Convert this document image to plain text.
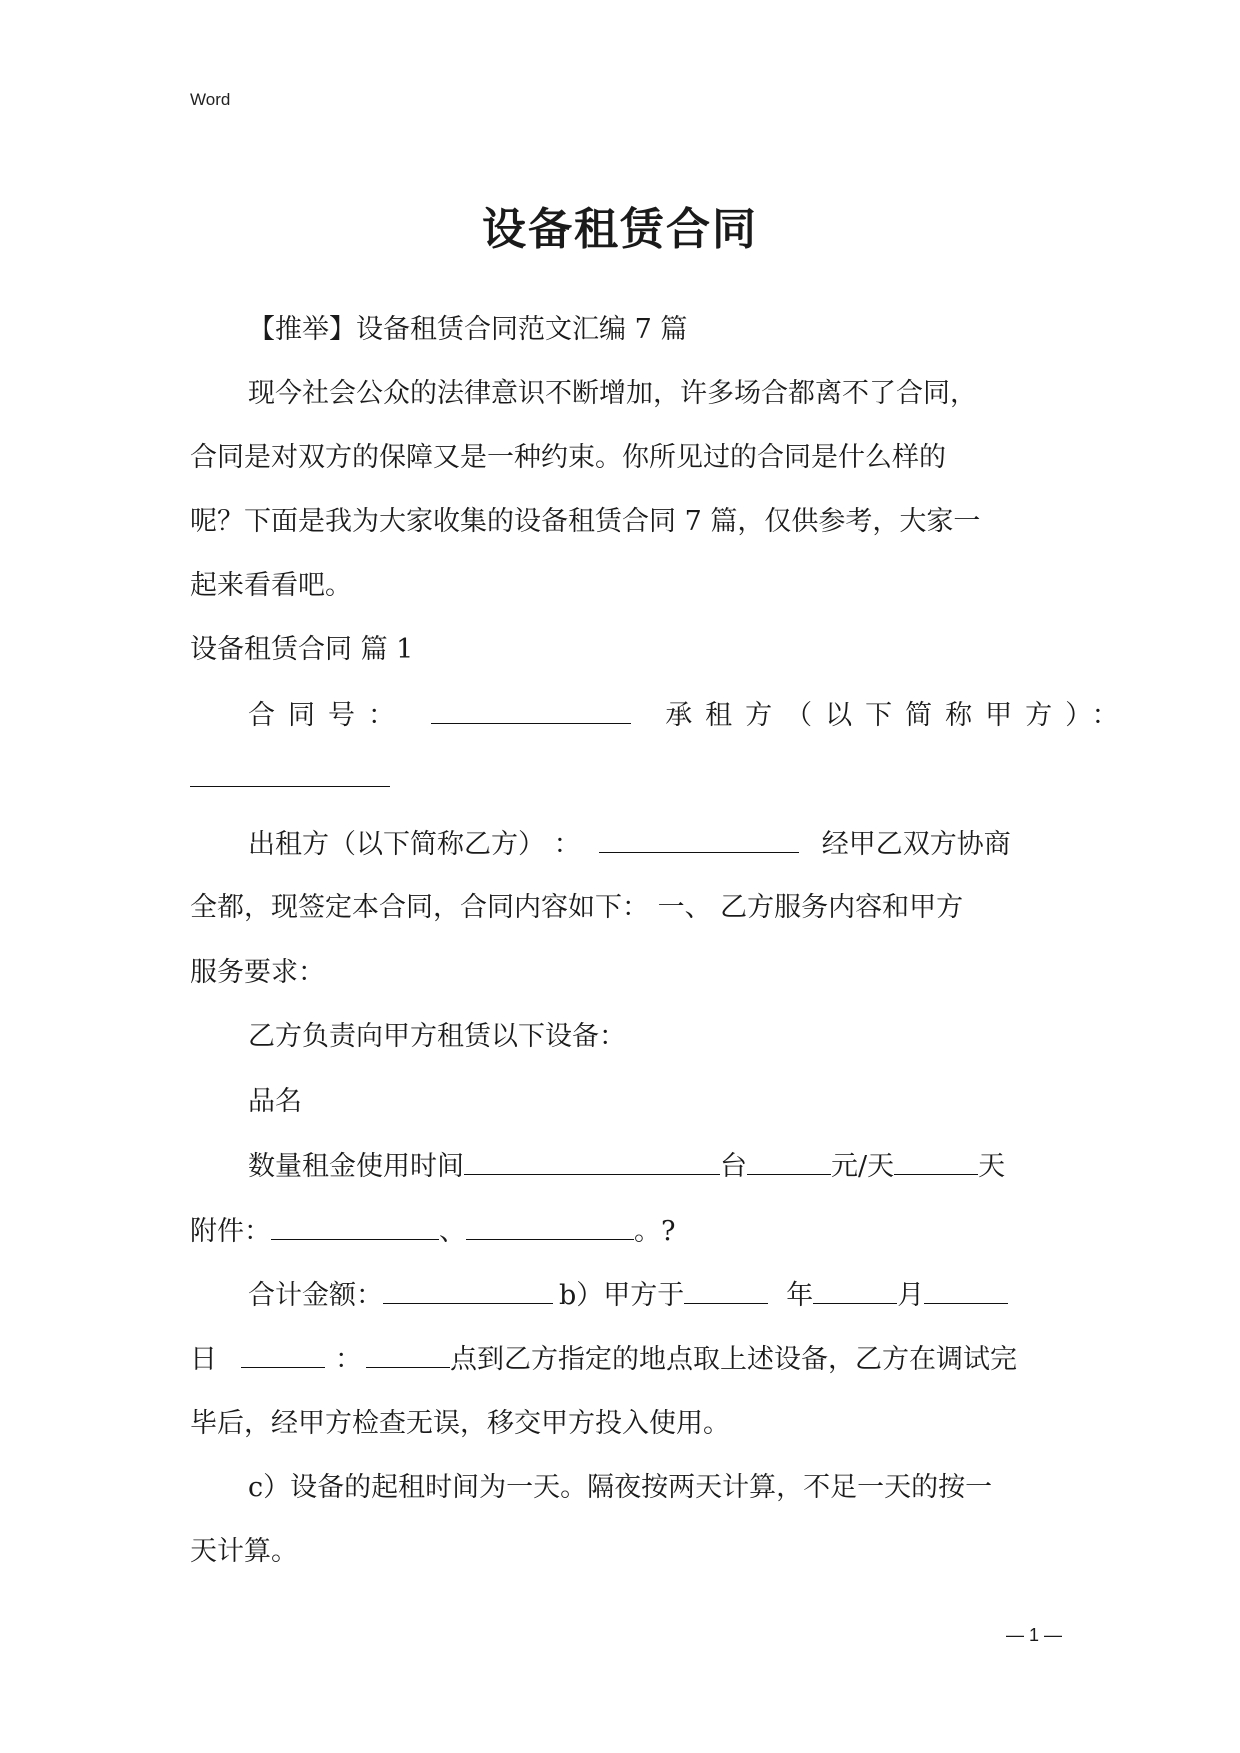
Word
设备租赁合同
【推举】设备租赁合同范文汇编 7 篇
现今社会公众的法律意识不断增加，许多场合都离不了合同，
合同是对双方的保障又是一种约束。你所见过的合同是什么样的
呢？下面是我为大家收集的设备租赁合同 7 篇，仅供参考，大家一
起来看看吧。
设备租赁合同 篇 1
合同号：	承租方（以下简称甲方）：
出租方（以下简称乙方） ：	经甲乙双方协商
全都，现签定本合同，合同内容如下： 一、 乙方服务内容和甲方
服务要求：
乙方负责向甲方租赁以下设备：
品名
数量租金使用时间	台	元/天	天
附件：	、	。?
合计金额：	b）甲方于	年	月
日	：	点到乙方指定的地点取上述设备，乙方在调试完
毕后，经甲方检查无误，移交甲方投入使用。
c）设备的起租时间为一天。隔夜按两天计算，不足一天的按一
天计算。
— 1 —
